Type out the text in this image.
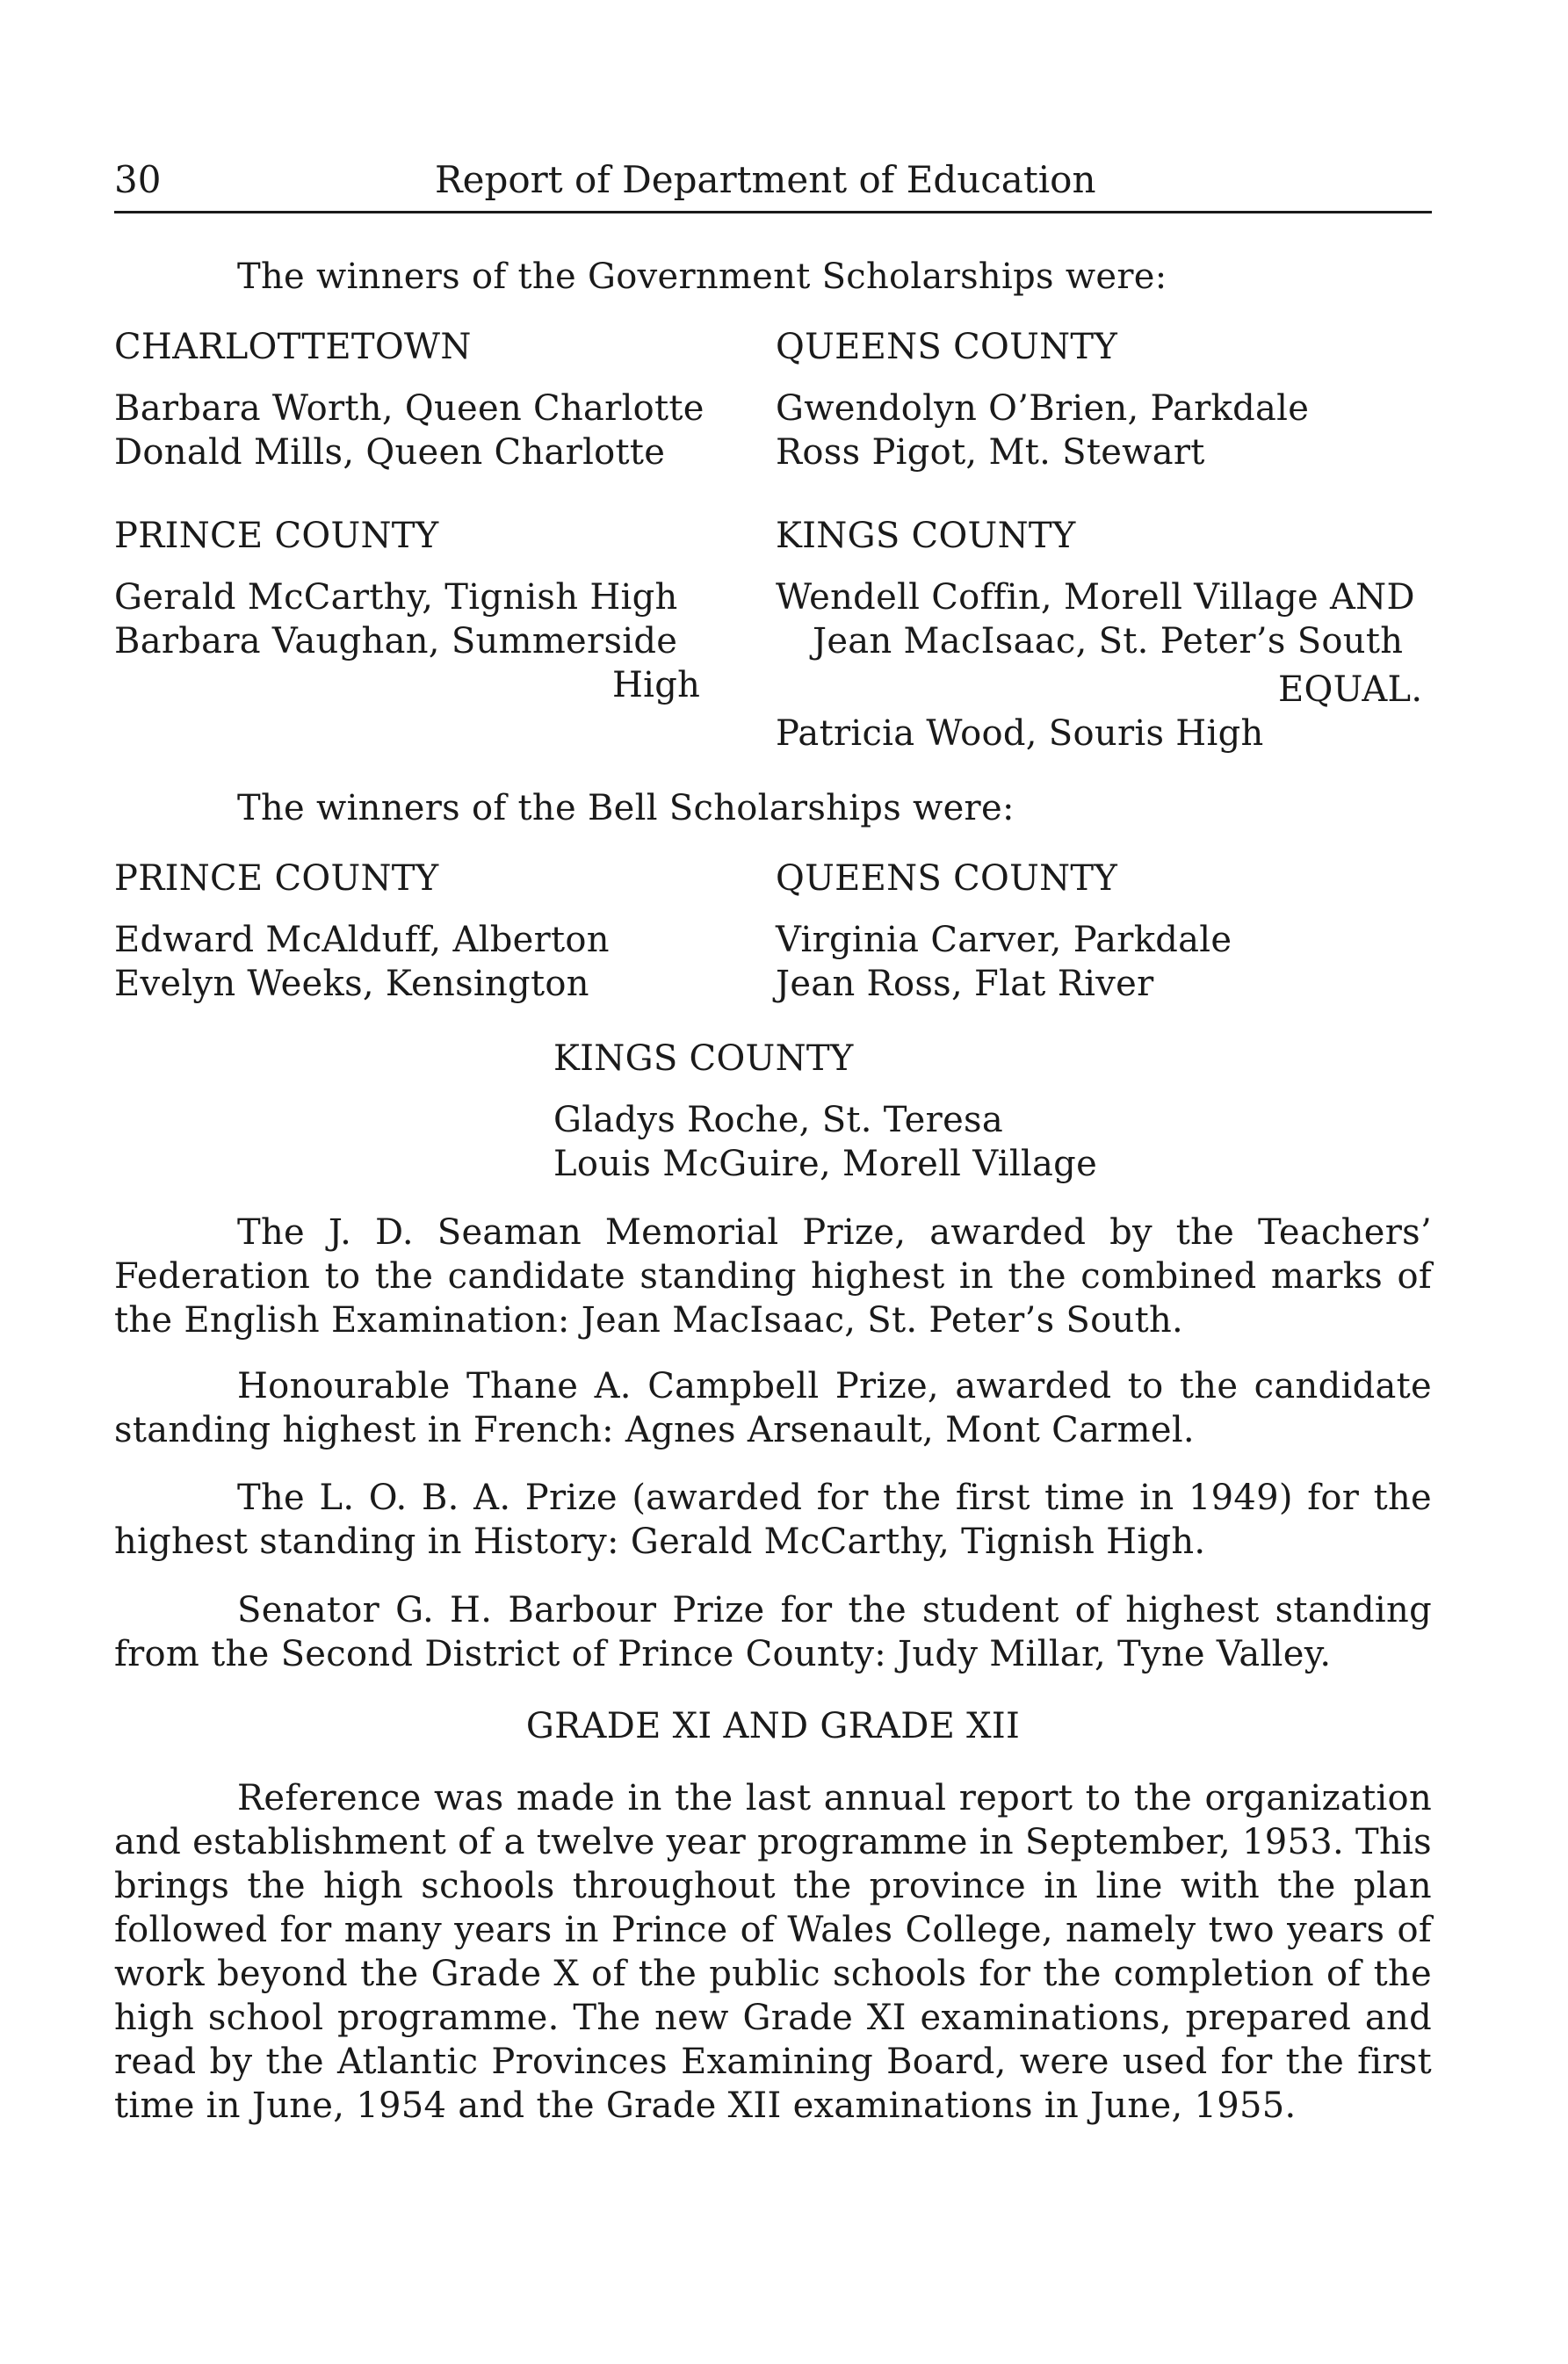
30	Report of Department of Education
The winners of the Government Scholarships were:
CHARLOTTETOWN
Barbara Worth, Queen Charlotte
Donald Mills, Queen Charlotte
QUEENS COUNTY
Gwendolyn O’Brien, Parkdale
Ross Pigot, Mt. Stewart
PRINCE COUNTY
Gerald McCarthy, Tignish High
Barbara Vaughan, Summerside
High
KINGS COUNTY
Wendell Coffin, Morell Village AND
Jean MacIsaac, St. Peter’s South
EQUAL.
Patricia Wood, Souris High
The winners of the Bell Scholarships were:
PRINCE COUNTY
Edward McAlduff, Alberton
Evelyn Weeks, Kensington
QUEENS COUNTY
Virginia Carver, Parkdale
Jean Ross, Flat River
KINGS COUNTY
Gladys Roche, St. Teresa
Louis McGuire, Morell Village

The J. D. Seaman Memorial Prize, awarded by the Teachers’ Federation to the candidate standing highest in the combined marks of the English Examination: Jean MacIsaac, St. Peter’s South.

Honourable Thane A. Campbell Prize, awarded to the candidate standing highest in French: Agnes Arsenault, Mont Carmel.

The L. O. B. A. Prize (awarded for the first time in 1949) for the highest standing in History: Gerald McCarthy, Tignish High.

Senator G. H. Barbour Prize for the student of highest standing from the Second District of Prince County: Judy Millar, Tyne Valley.

GRADE XI AND GRADE XII

Reference was made in the last annual report to the organization and establishment of a twelve year programme in September, 1953. This brings the high schools throughout the province in line with the plan followed for many years in Prince of Wales College, namely two years of work beyond the Grade X of the public schools for the completion of the high school programme. The new Grade XI examinations, prepared and read by the Atlantic Provinces Examining Board, were used for the first time in June, 1954 and the Grade XII examinations in June, 1955.
